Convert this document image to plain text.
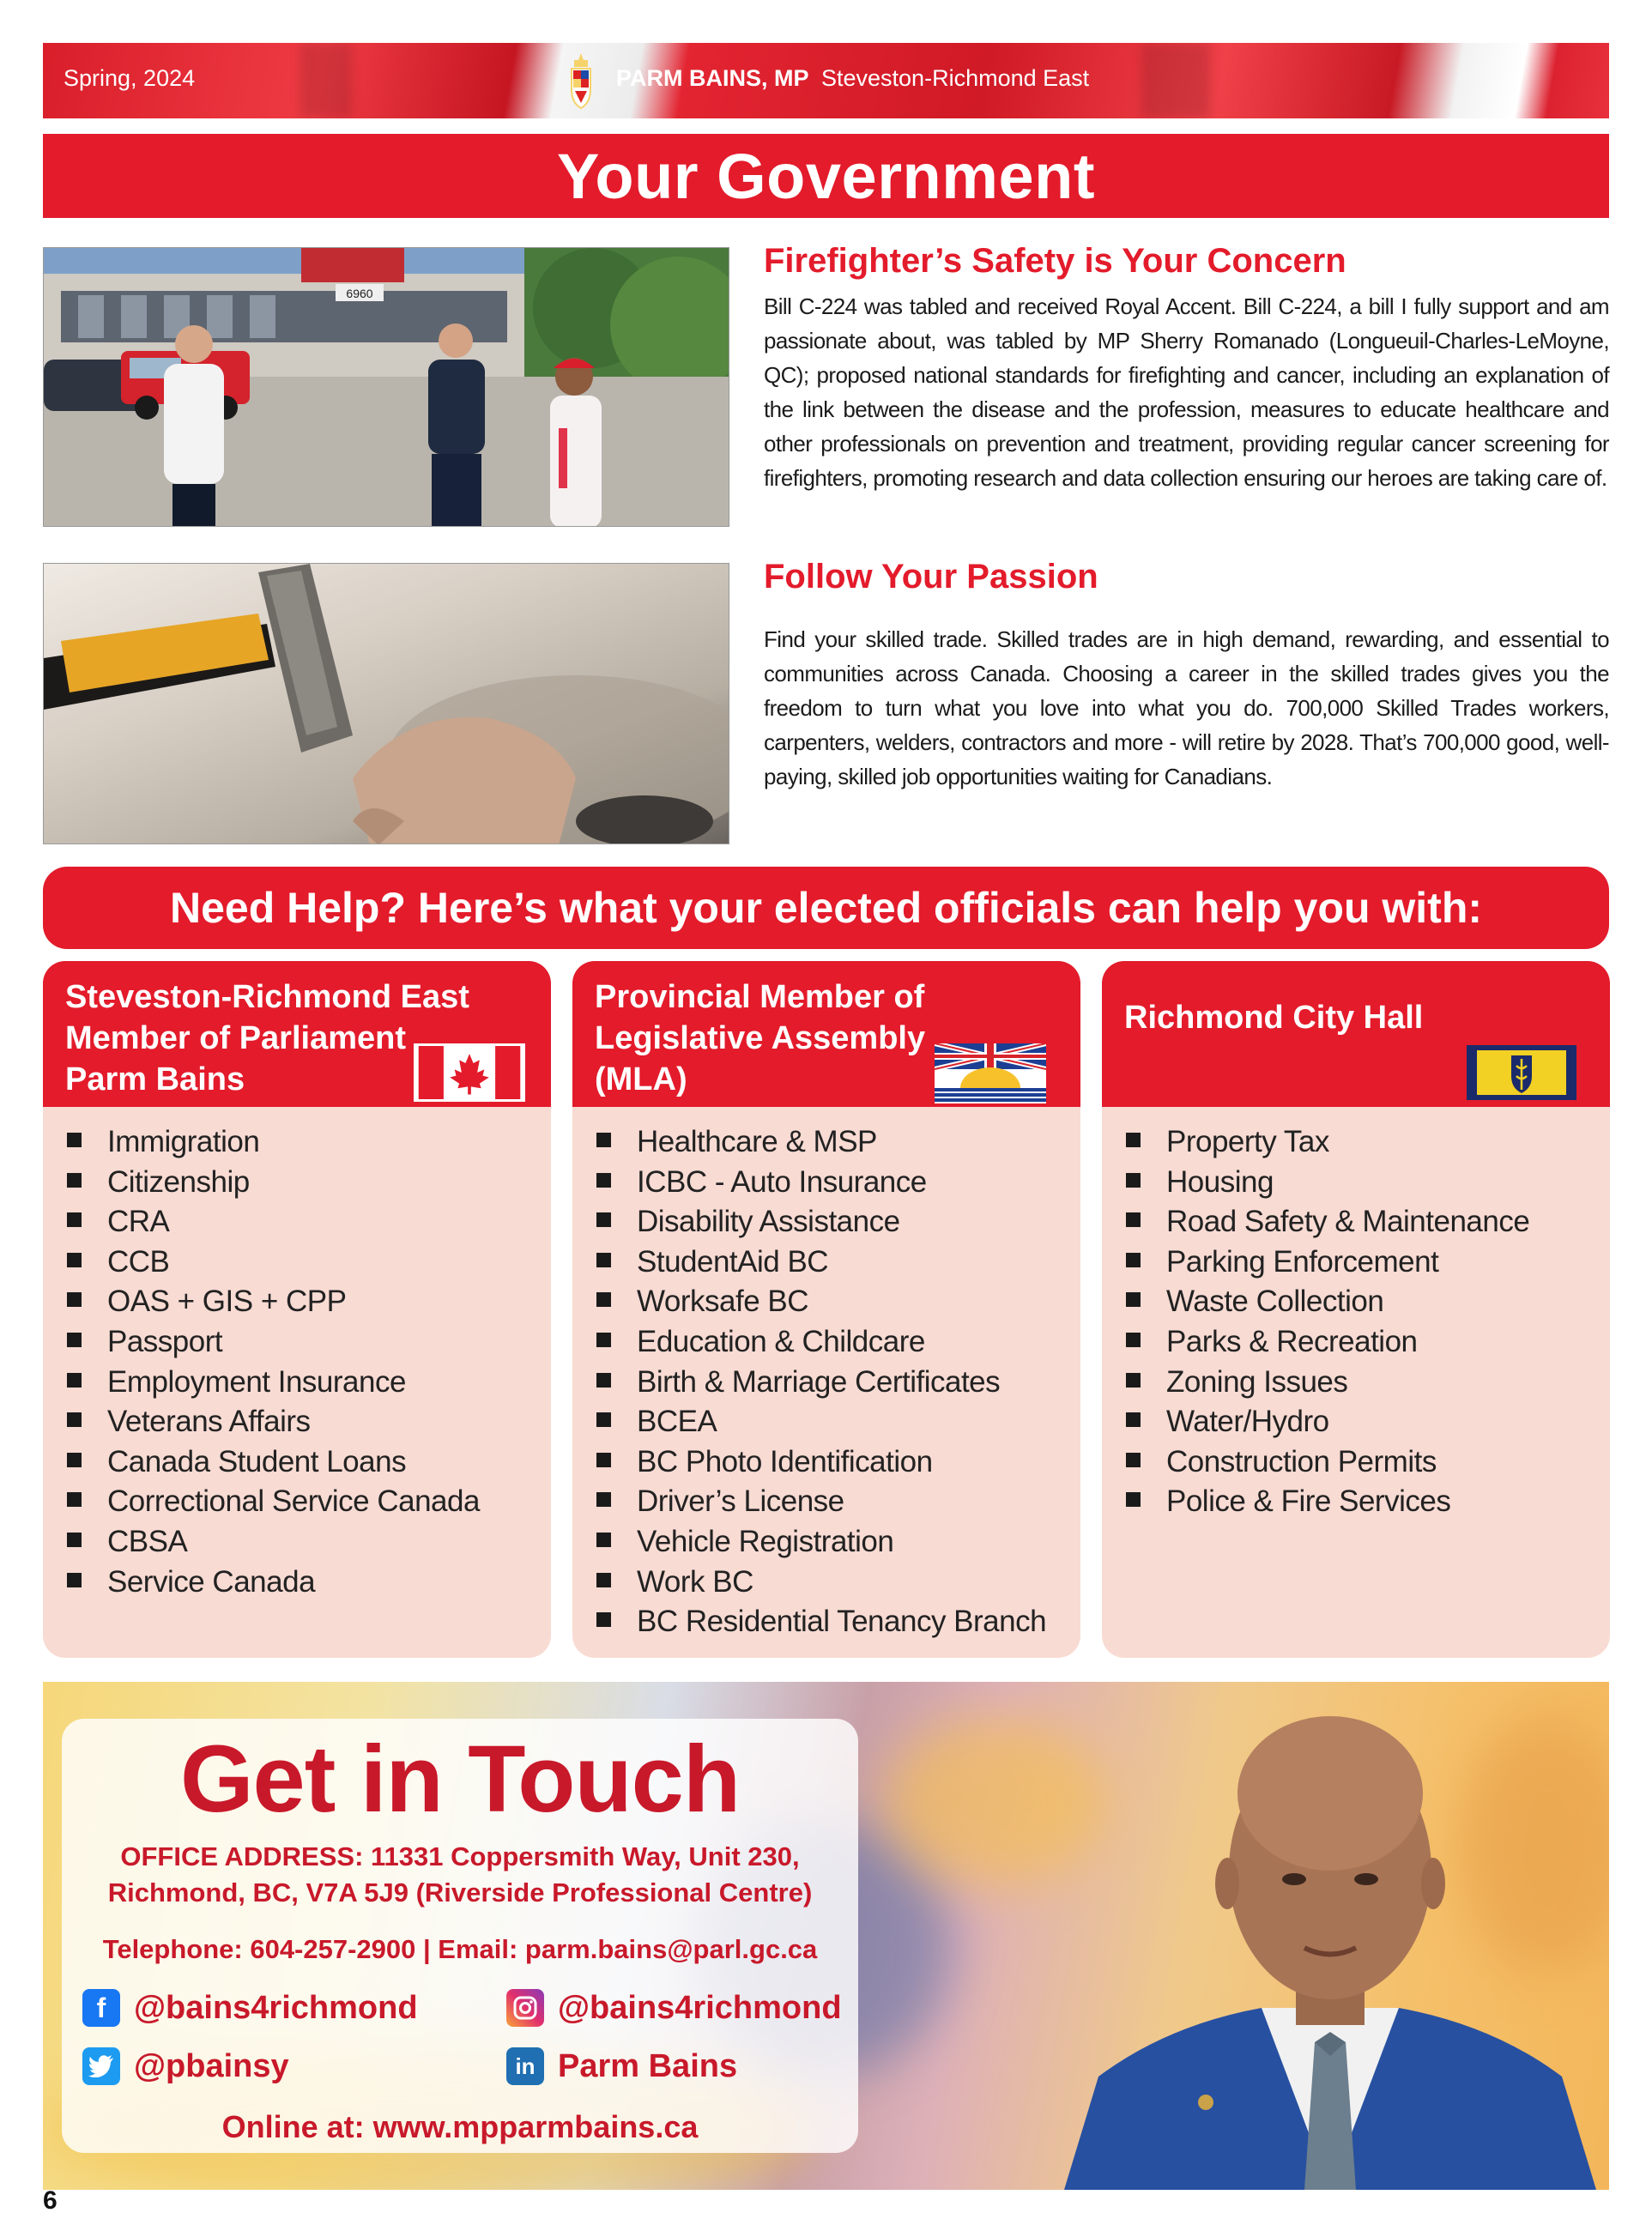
Spring, 2024	PARM BAINS, MP Steveston-Richmond East
Your Government
6960
Firefighter’s Safety is Your Concern

Bill C-224 was tabled and received Royal Accent. Bill C-224, a bill I fully support and am passionate about, was tabled by MP Sherry Romanado (Longueuil-Charles-LeMoyne, QC); proposed national standards for firefighting and cancer, including an explanation of the link between the disease and the profession, measures to educate healthcare and other professionals on prevention and treatment, providing regular cancer screening for firefighters, promoting research and data collection ensuring our heroes are taking care of.

Follow Your Passion

Find your skilled trade. Skilled trades are in high demand, rewarding, and essential to communities across Canada. Choosing a career in the skilled trades gives you the freedom to turn what you love into what you do. 700,000 Skilled Trades workers, carpenters, welders, contractors and more - will retire by 2028. That’s 700,000 good, well-paying, skilled job opportunities waiting for Canadians.

Need Help? Here’s what your elected officials can help you with:
Steveston-Richmond East
Member of Parliament
Parm Bains
Immigration
Citizenship
CRA
CCB
OAS + GIS + CPP
Passport
Employment Insurance
Veterans Affairs
Canada Student Loans
Correctional Service Canada
CBSA
Service Canada
Provincial Member of
Legislative Assembly
(MLA)
Healthcare & MSP
ICBC - Auto Insurance
Disability Assistance
StudentAid BC
Worksafe BC
Education & Childcare
Birth & Marriage Certificates
BCEA
BC Photo Identification
Driver’s License
Vehicle Registration
Work BC
BC Residential Tenancy Branch
Richmond City Hall
Property Tax
Housing
Road Safety & Maintenance
Parking Enforcement
Waste Collection
Parks & Recreation
Zoning Issues
Water/Hydro
Construction Permits
Police & Fire Services
Get in Touch
OFFICE ADDRESS: 11331 Coppersmith Way, Unit 230,
Richmond, BC, V7A 5J9 (Riverside Professional Centre)
Telephone: 604-257-2900 | Email: parm.bains@parl.gc.ca
f @bains4richmond	@bains4richmond
@pbainsy	in Parm Bains
Online at: www.mpparmbains.ca
6
